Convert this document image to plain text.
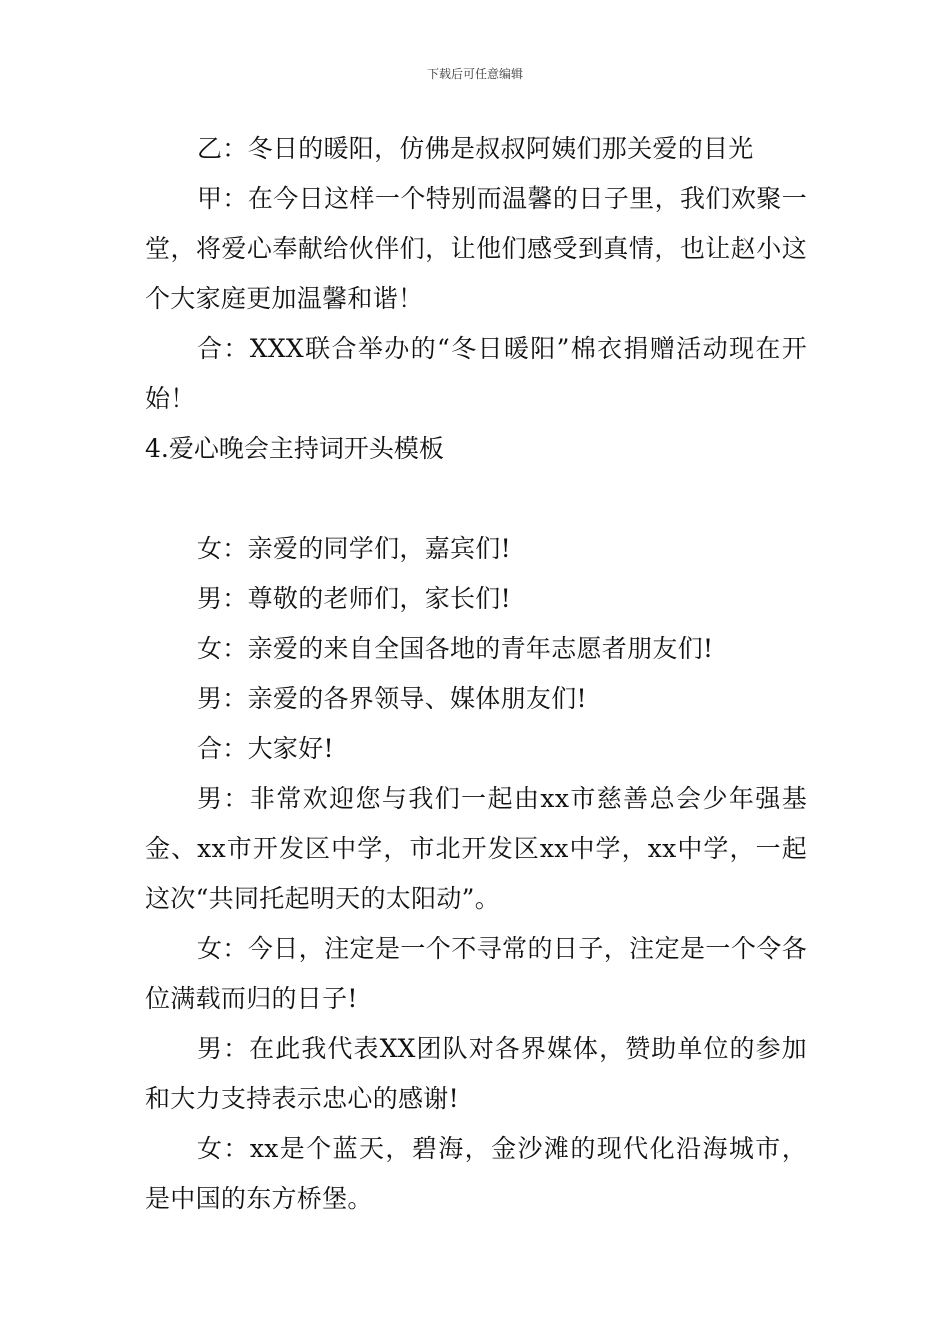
下载后可任意编辑

乙：冬日的暖阳，仿佛是叔叔阿姨们那关爱的目光

甲：在今日这样一个特别而温馨的日子里，我们欢聚一堂，将爱心奉献给伙伴们，让他们感受到真情，也让赵小这个大家庭更加温馨和谐！

合：XXX联合举办的“冬日暖阳”棉衣捐赠活动现在开始！

4.爱心晚会主持词开头模板

女：亲爱的同学们，嘉宾们!

男：尊敬的老师们，家长们!

女：亲爱的来自全国各地的青年志愿者朋友们!

男：亲爱的各界领导、媒体朋友们!

合：大家好!

男：非常欢迎您与我们一起由xx市慈善总会少年强基金、xx市开发区中学，市北开发区xx中学，xx中学，一起这次“共同托起明天的太阳动”。

女：今日，注定是一个不寻常的日子，注定是一个令各位满载而归的日子!

男：在此我代表XX团队对各界媒体，赞助单位的参加和大力支持表示忠心的感谢!

女：xx是个蓝天，碧海，金沙滩的现代化沿海城市，是中国的东方桥堡。
